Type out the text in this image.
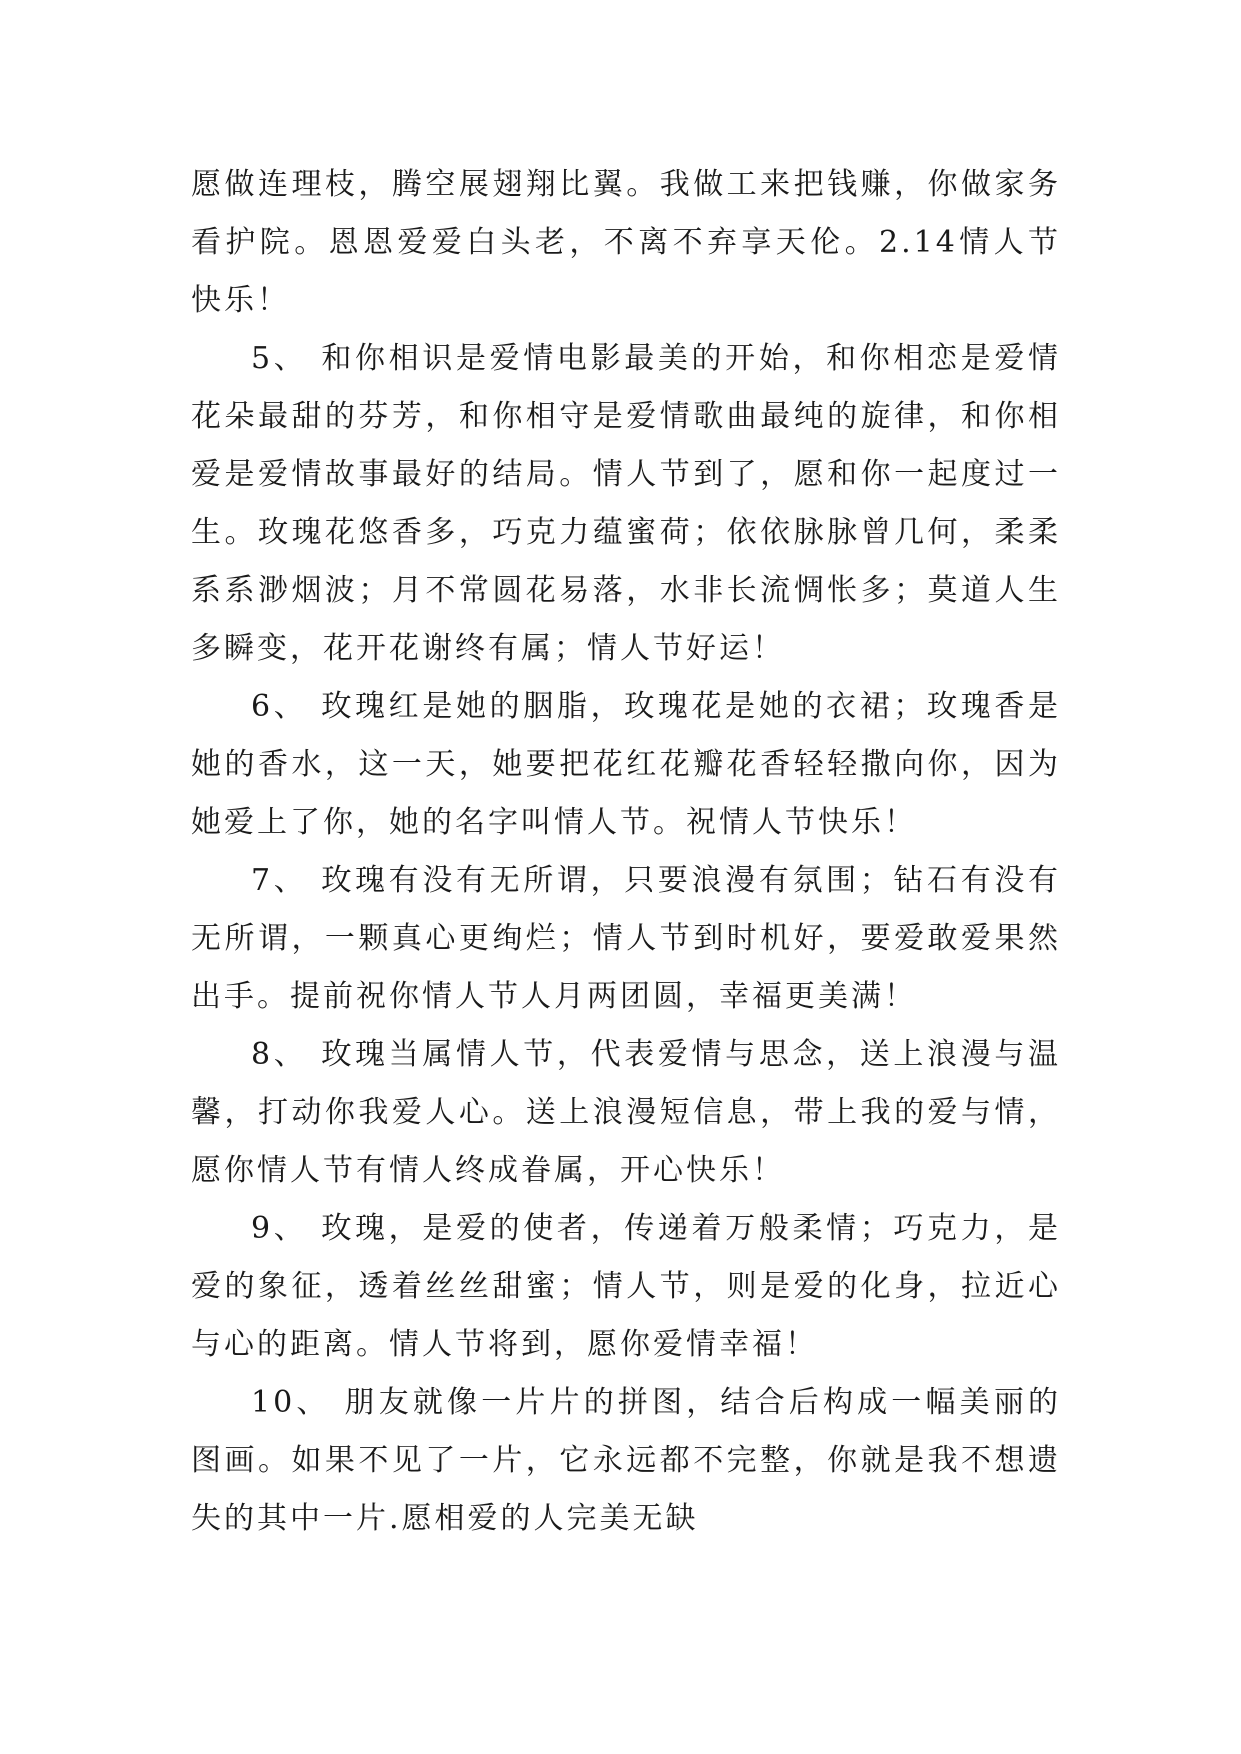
愿做连理枝，腾空展翅翔比翼。我做工来把钱赚，你做家务看护院。恩恩爱爱白头老，不离不弃享天伦。2.14情人节快乐！

5、 和你相识是爱情电影最美的开始，和你相恋是爱情花朵最甜的芬芳，和你相守是爱情歌曲最纯的旋律，和你相爱是爱情故事最好的结局。情人节到了，愿和你一起度过一生。玫瑰花悠香多，巧克力蕴蜜荷；依依脉脉曾几何，柔柔系系渺烟波；月不常圆花易落，水非长流惆怅多；莫道人生多瞬变，花开花谢终有属；情人节好运！

6、 玫瑰红是她的胭脂，玫瑰花是她的衣裙；玫瑰香是她的香水，这一天，她要把花红花瓣花香轻轻撒向你，因为她爱上了你，她的名字叫情人节。祝情人节快乐！

7、 玫瑰有没有无所谓，只要浪漫有氛围；钻石有没有无所谓，一颗真心更绚烂；情人节到时机好，要爱敢爱果然出手。提前祝你情人节人月两团圆，幸福更美满！

8、 玫瑰当属情人节，代表爱情与思念，送上浪漫与温馨，打动你我爱人心。送上浪漫短信息，带上我的爱与情，愿你情人节有情人终成眷属，开心快乐！

9、 玫瑰，是爱的使者，传递着万般柔情；巧克力，是爱的象征，透着丝丝甜蜜；情人节，则是爱的化身，拉近心与心的距离。情人节将到，愿你爱情幸福！

10、 朋友就像一片片的拼图，结合后构成一幅美丽的图画。如果不见了一片，它永远都不完整，你就是我不想遗失的其中一片.愿相爱的人完美无缺
